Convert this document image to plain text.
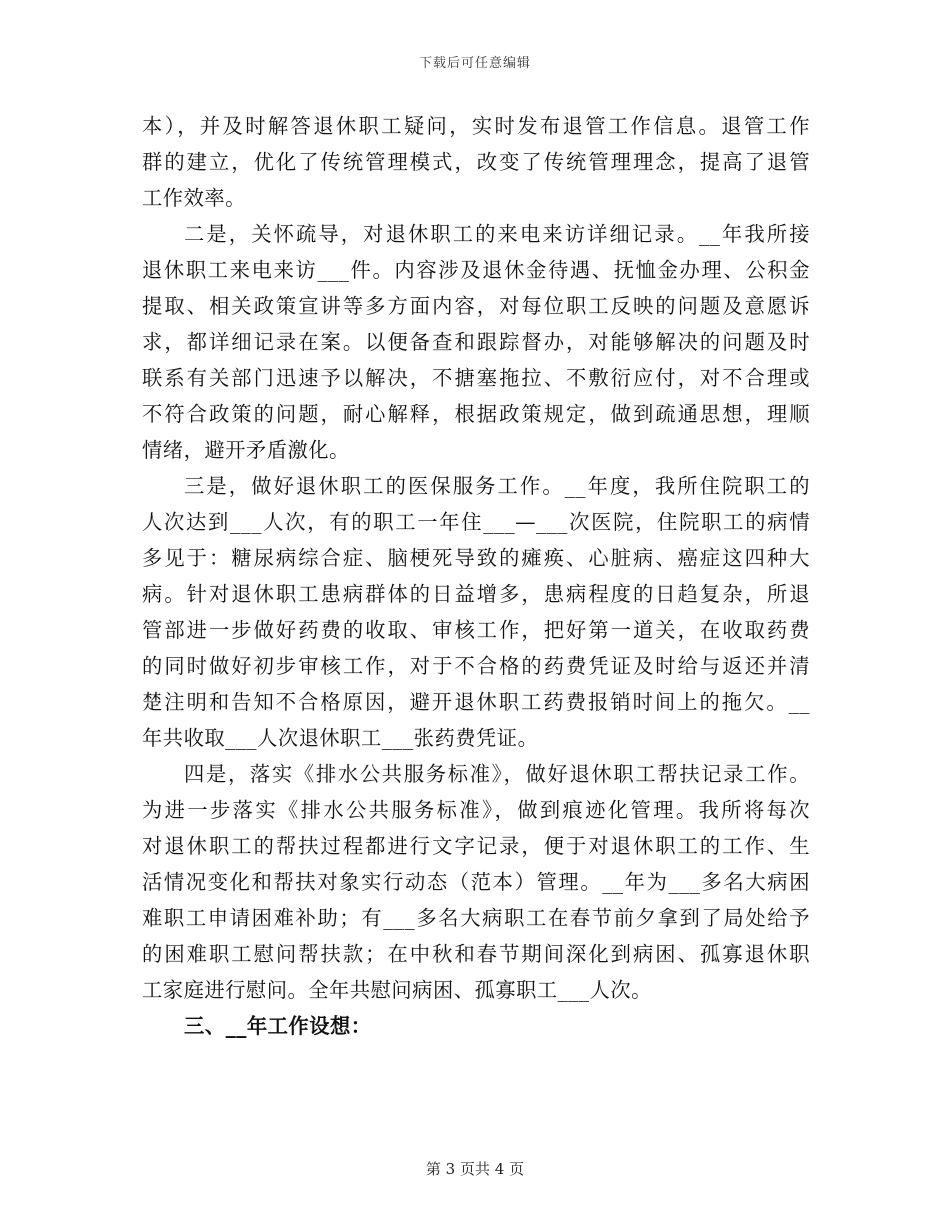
下载后可任意编辑
本），并及时解答退休职工疑问，实时发布退管工作信息。退管工作
群的建立，优化了传统管理模式，改变了传统管理理念，提高了退管
工作效率。
二是，关怀疏导，对退休职工的来电来访详细记录。__年我所接
退休职工来电来访___件。内容涉及退休金待遇、抚恤金办理、公积金
提取、相关政策宣讲等多方面内容，对每位职工反映的问题及意愿诉
求，都详细记录在案。以便备查和跟踪督办，对能够解决的问题及时
联系有关部门迅速予以解决，不搪塞拖拉、不敷衍应付，对不合理或
不符合政策的问题，耐心解释，根据政策规定，做到疏通思想，理顺
情绪，避开矛盾激化。
三是，做好退休职工的医保服务工作。__年度，我所住院职工的
人次达到___人次，有的职工一年住___—___次医院，住院职工的病情
多见于：糖尿病综合症、脑梗死导致的瘫痪、心脏病、癌症这四种大
病。针对退休职工患病群体的日益增多，患病程度的日趋复杂，所退
管部进一步做好药费的收取、审核工作，把好第一道关，在收取药费
的同时做好初步审核工作，对于不合格的药费凭证及时给与返还并清
楚注明和告知不合格原因，避开退休职工药费报销时间上的拖欠。__
年共收取___人次退休职工___张药费凭证。
四是，落实《排水公共服务标准》，做好退休职工帮扶记录工作。
为进一步落实《排水公共服务标准》，做到痕迹化管理。我所将每次
对退休职工的帮扶过程都进行文字记录，便于对退休职工的工作、生
活情况变化和帮扶对象实行动态（范本）管理。__年为___多名大病困
难职工申请困难补助；有___多名大病职工在春节前夕拿到了局处给予
的困难职工慰问帮扶款；在中秋和春节期间深化到病困、孤寡退休职
工家庭进行慰问。全年共慰问病困、孤寡职工___人次。
三、__年工作设想：
第 3 页共 4 页
